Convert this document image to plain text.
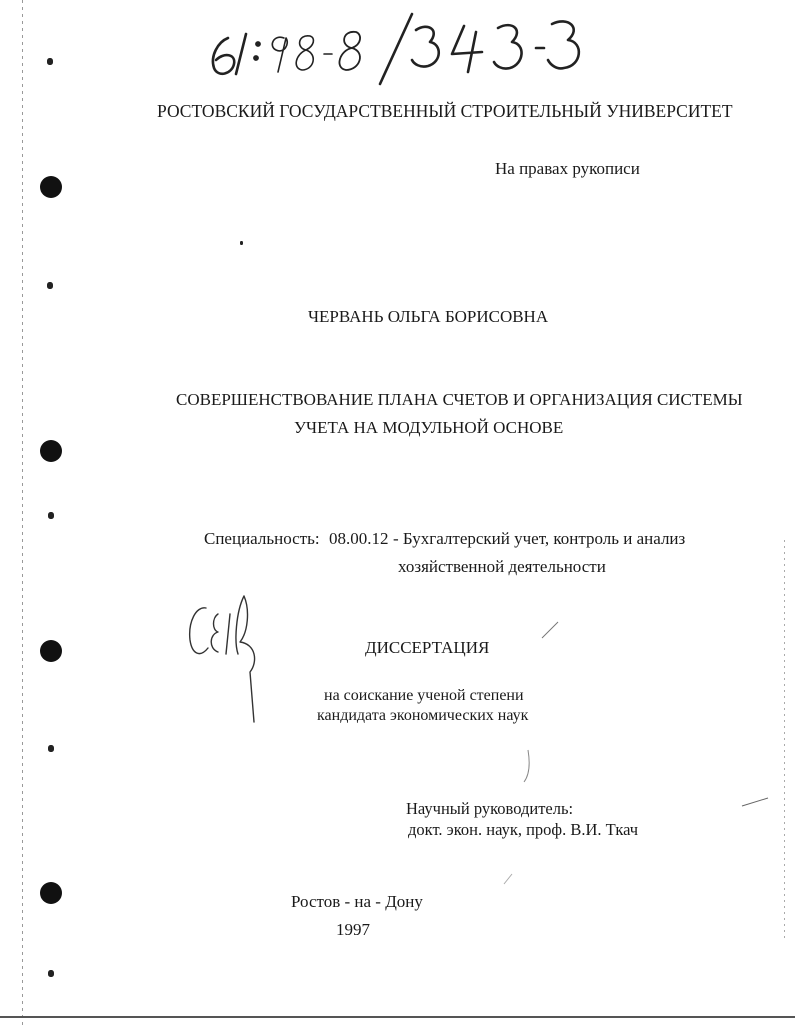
РОСТОВСКИЙ ГОСУДАРСТВЕННЫЙ СТРОИТЕЛЬНЫЙ УНИВЕРСИТЕТ
На правах рукописи
ЧЕРВАНЬ ОЛЬГА БОРИСОВНА
СОВЕРШЕНСТВОВАНИЕ ПЛАНА СЧЕТОВ И ОРГАНИЗАЦИЯ СИСТЕМЫ
УЧЕТА НА МОДУЛЬНОЙ ОСНОВЕ
Специальность: 08.00.12 - Бухгалтерский учет, контроль и анализ
хозяйственной деятельности
ДИССЕРТАЦИЯ
на соискание ученой степени
кандидата экономических наук
Научный руководитель:
докт. экон. наук, проф. В.И. Ткач
Ростов - на - Дону
1997
